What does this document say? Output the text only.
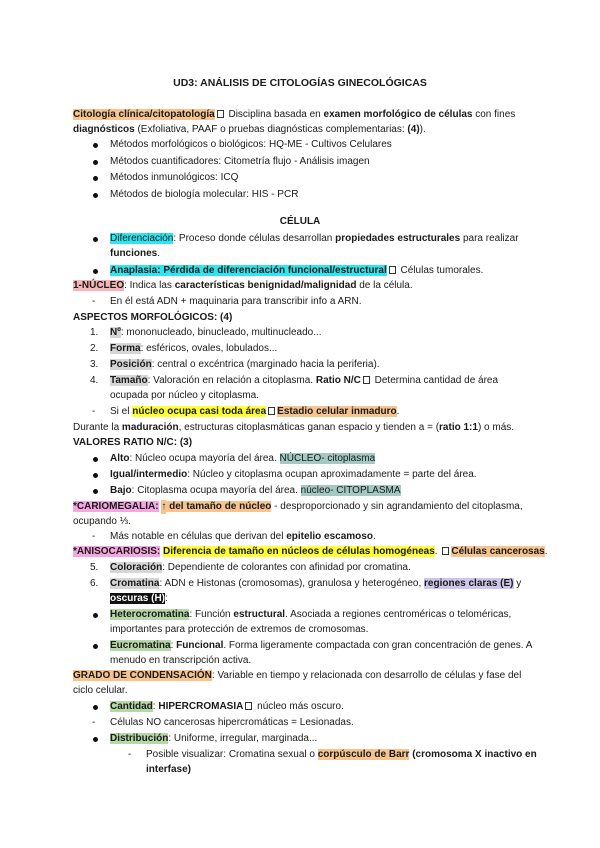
UD3: ANÁLISIS DE CITOLOGÍAS GINECOLÓGICAS
Citología clínica/citopatología Disciplina basada en examen morfológico de células con fines
diagnósticos (Exfoliativa, PAAF o pruebas diagnósticas complementarias: (4)).
Métodos morfológicos o biológicos: HQ-ME - Cultivos Celulares
Métodos cuantificadores: Citometría flujo - Análisis imagen
Métodos inmunológicos: ICQ
Métodos de biología molecular: HIS - PCR
CÉLULA
Diferenciación: Proceso donde células desarrollan propiedades estructurales para realizar
funciones.
Anaplasia: Pérdida de diferenciación funcional/estructural Células tumorales.
1-NÚCLEO: Indica las características benignidad/malignidad de la célula.
- En él está ADN + maquinaria para transcribir info a ARN.
ASPECTOS MORFOLÓGICOS: (4)
1. Nº: mononucleado, binucleado, multinucleado...
2. Forma: esféricos, ovales, lobulados...
3. Posición: central o excéntrica (marginado hacia la periferia).
4. Tamaño: Valoración en relación a citoplasma. Ratio N/C Determina cantidad de área
ocupada por núcleo y citoplasma.
- Si el núcleo ocupa casi toda área Estadio celular inmaduro.
Durante la maduración, estructuras citoplasmáticas ganan espacio y tienden a = (ratio 1:1) o más.
VALORES RATIO N/C: (3)
Alto: Núcleo ocupa mayoría del área. NÚCLEO- citoplasma
Igual/intermedio: Núcleo y citoplasma ocupan aproximadamente = parte del área.
Bajo: Citoplasma ocupa mayoría del área. núcleo- CITOPLASMA
*CARIOMEGALIA: ↑ del tamaño de núcleo - desproporcionado y sin agrandamiento del citoplasma,
ocupando ⅓.
- Más notable en células que derivan del epitelio escamoso.
*ANISOCARIOSIS: Diferencia de tamaño en núcleos de células homogéneas. Células cancerosas.
5. Coloración: Dependiente de colorantes con afinidad por cromatina.
6. Cromatina: ADN e Histonas (cromosomas), granulosa y heterogéneo, regiones claras (E) y
oscuras (H):
Heterocromatina: Función estructural. Asociada a regiones centroméricas o teloméricas,
importantes para protección de extremos de cromosomas.
Eucromatina: Funcional. Forma ligeramente compactada con gran concentración de genes. A
menudo en transcripción activa.
GRADO DE CONDENSACIÓN: Variable en tiempo y relacionada con desarrollo de células y fase del
ciclo celular.
Cantidad: HIPERCROMASIA núcleo más oscuro.
- Células NO cancerosas hipercromáticas = Lesionadas.
Distribución: Uniforme, irregular, marginada...
- Posible visualizar: Cromatina sexual o corpúsculo de Barr (cromosoma X inactivo en
interfase)
